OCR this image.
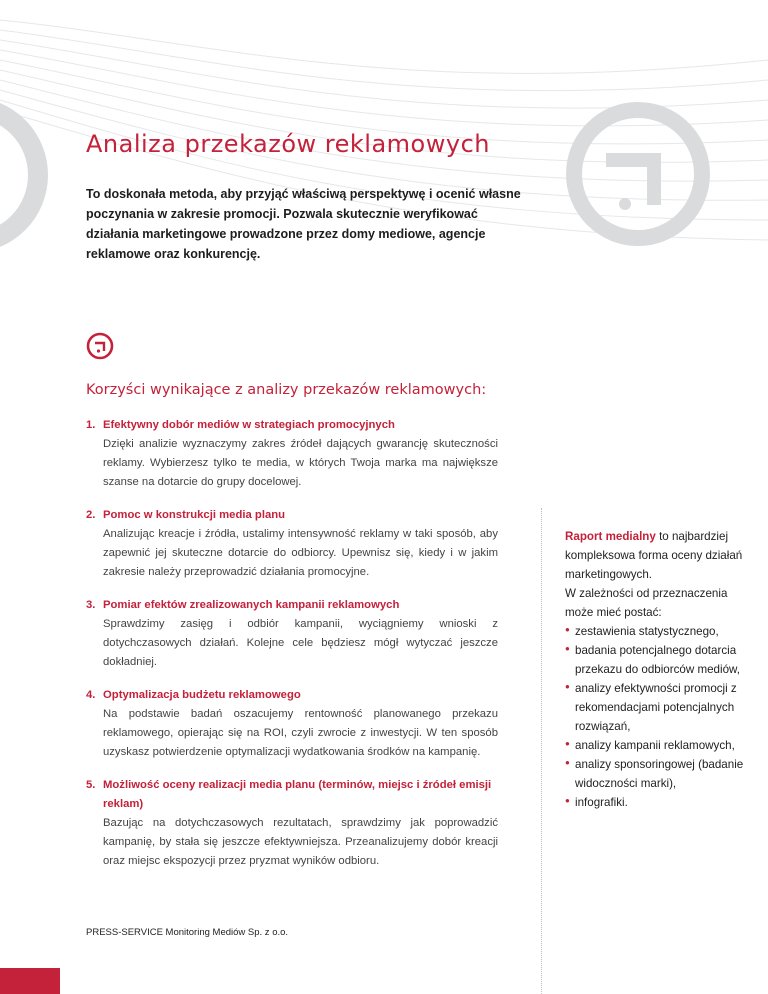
Analiza przekazów reklamowych

To doskonała metoda, aby przyjąć właściwą perspektywę i ocenić własne poczynania w zakresie promocji. Pozwala skutecznie weryfikować działania marketingowe prowadzone przez domy mediowe, agencje reklamowe oraz konkurencję.

Korzyści wynikające z analizy przekazów reklamowych:
1. Efektywny dobór mediów w strategiach promocyjnych

Dzięki analizie wyznaczymy zakres źródeł dających gwarancję skuteczności reklamy. Wybierzesz tylko te media, w których Twoja marka ma największe szanse na dotarcie do grupy docelowej.

2. Pomoc w konstrukcji media planu

Analizując kreacje i źródła, ustalimy intensywność reklamy w taki sposób, aby zapewnić jej skuteczne dotarcie do odbiorcy. Upewnisz się, kiedy i w jakim zakresie należy przeprowadzić działania promocyjne.

3. Pomiar efektów zrealizowanych kampanii reklamowych

Sprawdzimy zasięg i odbiór kampanii, wyciągniemy wnioski z dotychczasowych działań. Kolejne cele będziesz mógł wytyczać jeszcze dokładniej.

4. Optymalizacja budżetu reklamowego

Na podstawie badań oszacujemy rentowność planowanego przekazu reklamowego, opierając się na ROI, czyli zwrocie z inwestycji. W ten sposób uzyskasz potwierdzenie optymalizacji wydatkowania środków na kampanię.

5. Możliwość oceny realizacji media planu (terminów, miejsc i źródeł emisji reklam)

Bazując na dotychczasowych rezultatach, sprawdzimy jak poprowadzić kampanię, by stała się jeszcze efektywniejsza. Przeanalizujemy dobór kreacji oraz miejsc ekspozycji przez pryzmat wyników odbioru.

Raport medialny to najbardziej kompleksowa forma oceny działań marketingowych.

W zależności od przeznaczenia może mieć postać:

● zestawienia statystycznego,
● badania potencjalnego dotarcia przekazu do odbiorców mediów,
● analizy efektywności promocji z rekomendacjami potencjalnych rozwiązań,
● analizy kampanii reklamowych,
● analizy sponsoringowej (badanie widoczności marki),
● infografiki.
PRESS-SERVICE Monitoring Mediów Sp. z o.o.
